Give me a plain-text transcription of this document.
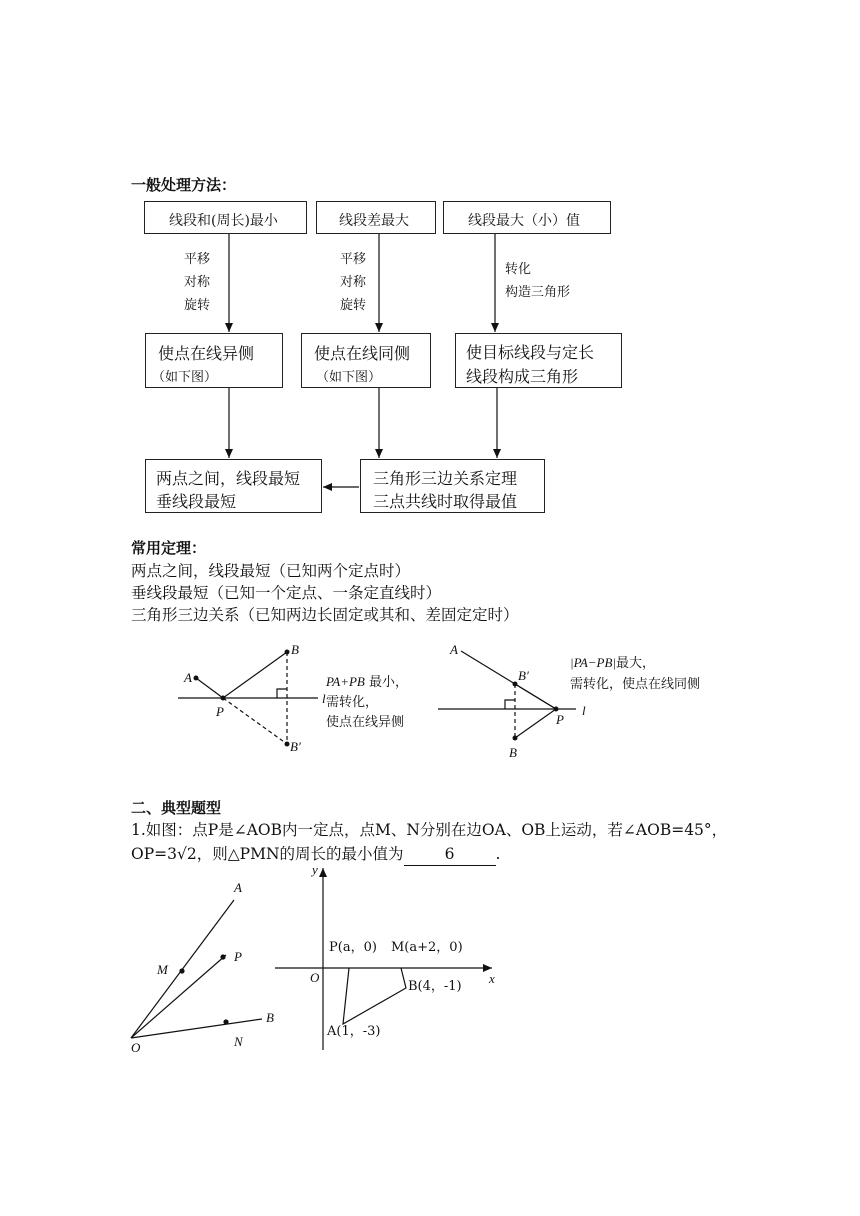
一般处理方法：
线段和(周长)最小	线段差最大	线段最大（小）值
平移
对称
旋转
平移
对称
旋转
转化
构造三角形
使点在线异侧
（如下图）
使点在线同侧
（如下图）
使目标线段与定长
线段构成三角形
两点之间，线段最短
垂线段最短
三角形三边关系定理
三点共线时取得最值
常用定理：
两点之间，线段最短（已知两个定点时）
垂线段最短（已知一个定点、一条定直线时）
三角形三边关系（已知两边长固定或其和、差固定定时）
A
B
P
B′
l
PA+PB 最小，
需转化，
使点在线异侧
A
B′
P
B
l
|PA−PB|最大，
需转化，使点在线同侧
二、典型题型
1.如图：点P是∠AOB内一定点，点M、N分别在边OA、OB上运动，若∠AOB=45°，
OP=3√2，则△PMN的周长的最小值为	6	.
A
P
M
B
N
O
y
x
O
P(a，0) M(a+2，0)
B(4，-1)
A(1，-3)
